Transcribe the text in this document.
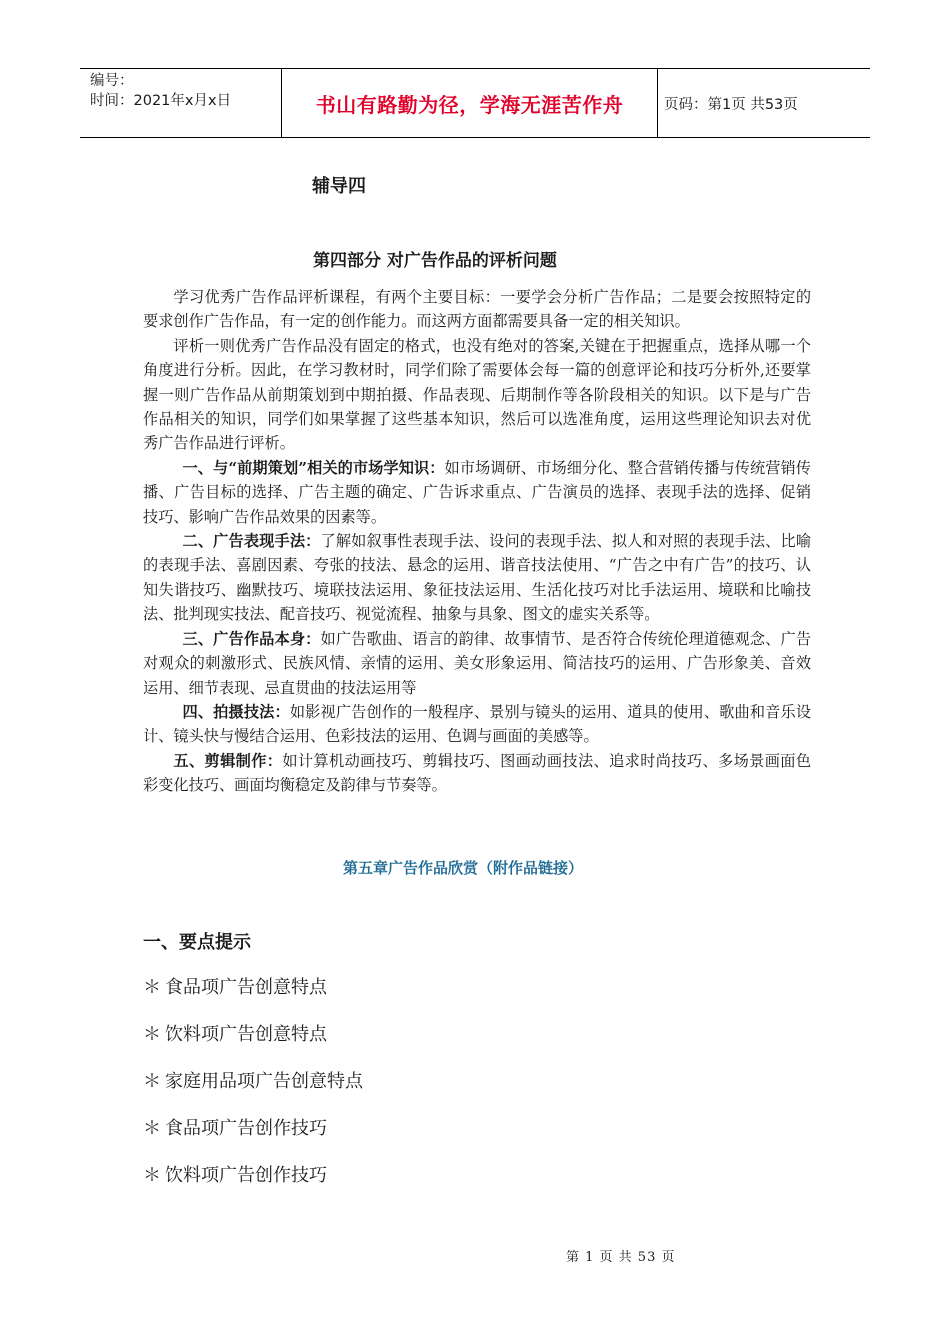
编号：
时间：2021年x月x日	书山有路勤为径，学海无涯苦作舟	页码：第1页 共53页
辅导四
第四部分 对广告作品的评析问题

学习优秀广告作品评析课程，有两个主要目标：一要学会分析广告作品；二是要会按照特定的要求创作广告作品，有一定的创作能力。而这两方面都需要具备一定的相关知识。

评析一则优秀广告作品没有固定的格式，也没有绝对的答案,关键在于把握重点，选择从哪一个角度进行分析。因此，在学习教材时，同学们除了需要体会每一篇的创意评论和技巧分析外,还要掌握一则广告作品从前期策划到中期拍摄、作品表现、后期制作等各阶段相关的知识。以下是与广告作品相关的知识，同学们如果掌握了这些基本知识，然后可以选准角度，运用这些理论知识去对优秀广告作品进行评析。

一、与“前期策划”相关的市场学知识：如市场调研、市场细分化、整合营销传播与传统营销传播、广告目标的选择、广告主题的确定、广告诉求重点、广告演员的选择、表现手法的选择、促销技巧、影响广告作品效果的因素等。

二、广告表现手法：了解如叙事性表现手法、设问的表现手法、拟人和对照的表现手法、比喻的表现手法、喜剧因素、夸张的技法、悬念的运用、谐音技法使用、“广告之中有广告”的技巧、认知失谐技巧、幽默技巧、境联技法运用、象征技法运用、生活化技巧对比手法运用、境联和比喻技法、批判现实技法、配音技巧、视觉流程、抽象与具象、图文的虚实关系等。

三、广告作品本身：如广告歌曲、语言的韵律、故事情节、是否符合传统伦理道德观念、广告对观众的刺激形式、民族风情、亲情的运用、美女形象运用、简洁技巧的运用、广告形象美、音效运用、细节表现、忌直贯曲的技法运用等

四、拍摄技法：如影视广告创作的一般程序、景别与镜头的运用、道具的使用、歌曲和音乐设计、镜头快与慢结合运用、色彩技法的运用、色调与画面的美感等。

五、剪辑制作：如计算机动画技巧、剪辑技巧、图画动画技法、追求时尚技巧、多场景画面色彩变化技巧、画面均衡稳定及韵律与节奏等。

第五章广告作品欣赏（附作品链接）
一、要点提示
＊ 食品项广告创意特点
＊ 饮料项广告创意特点
＊ 家庭用品项广告创意特点
＊ 食品项广告创作技巧
＊ 饮料项广告创作技巧
第 1 页 共 53 页
